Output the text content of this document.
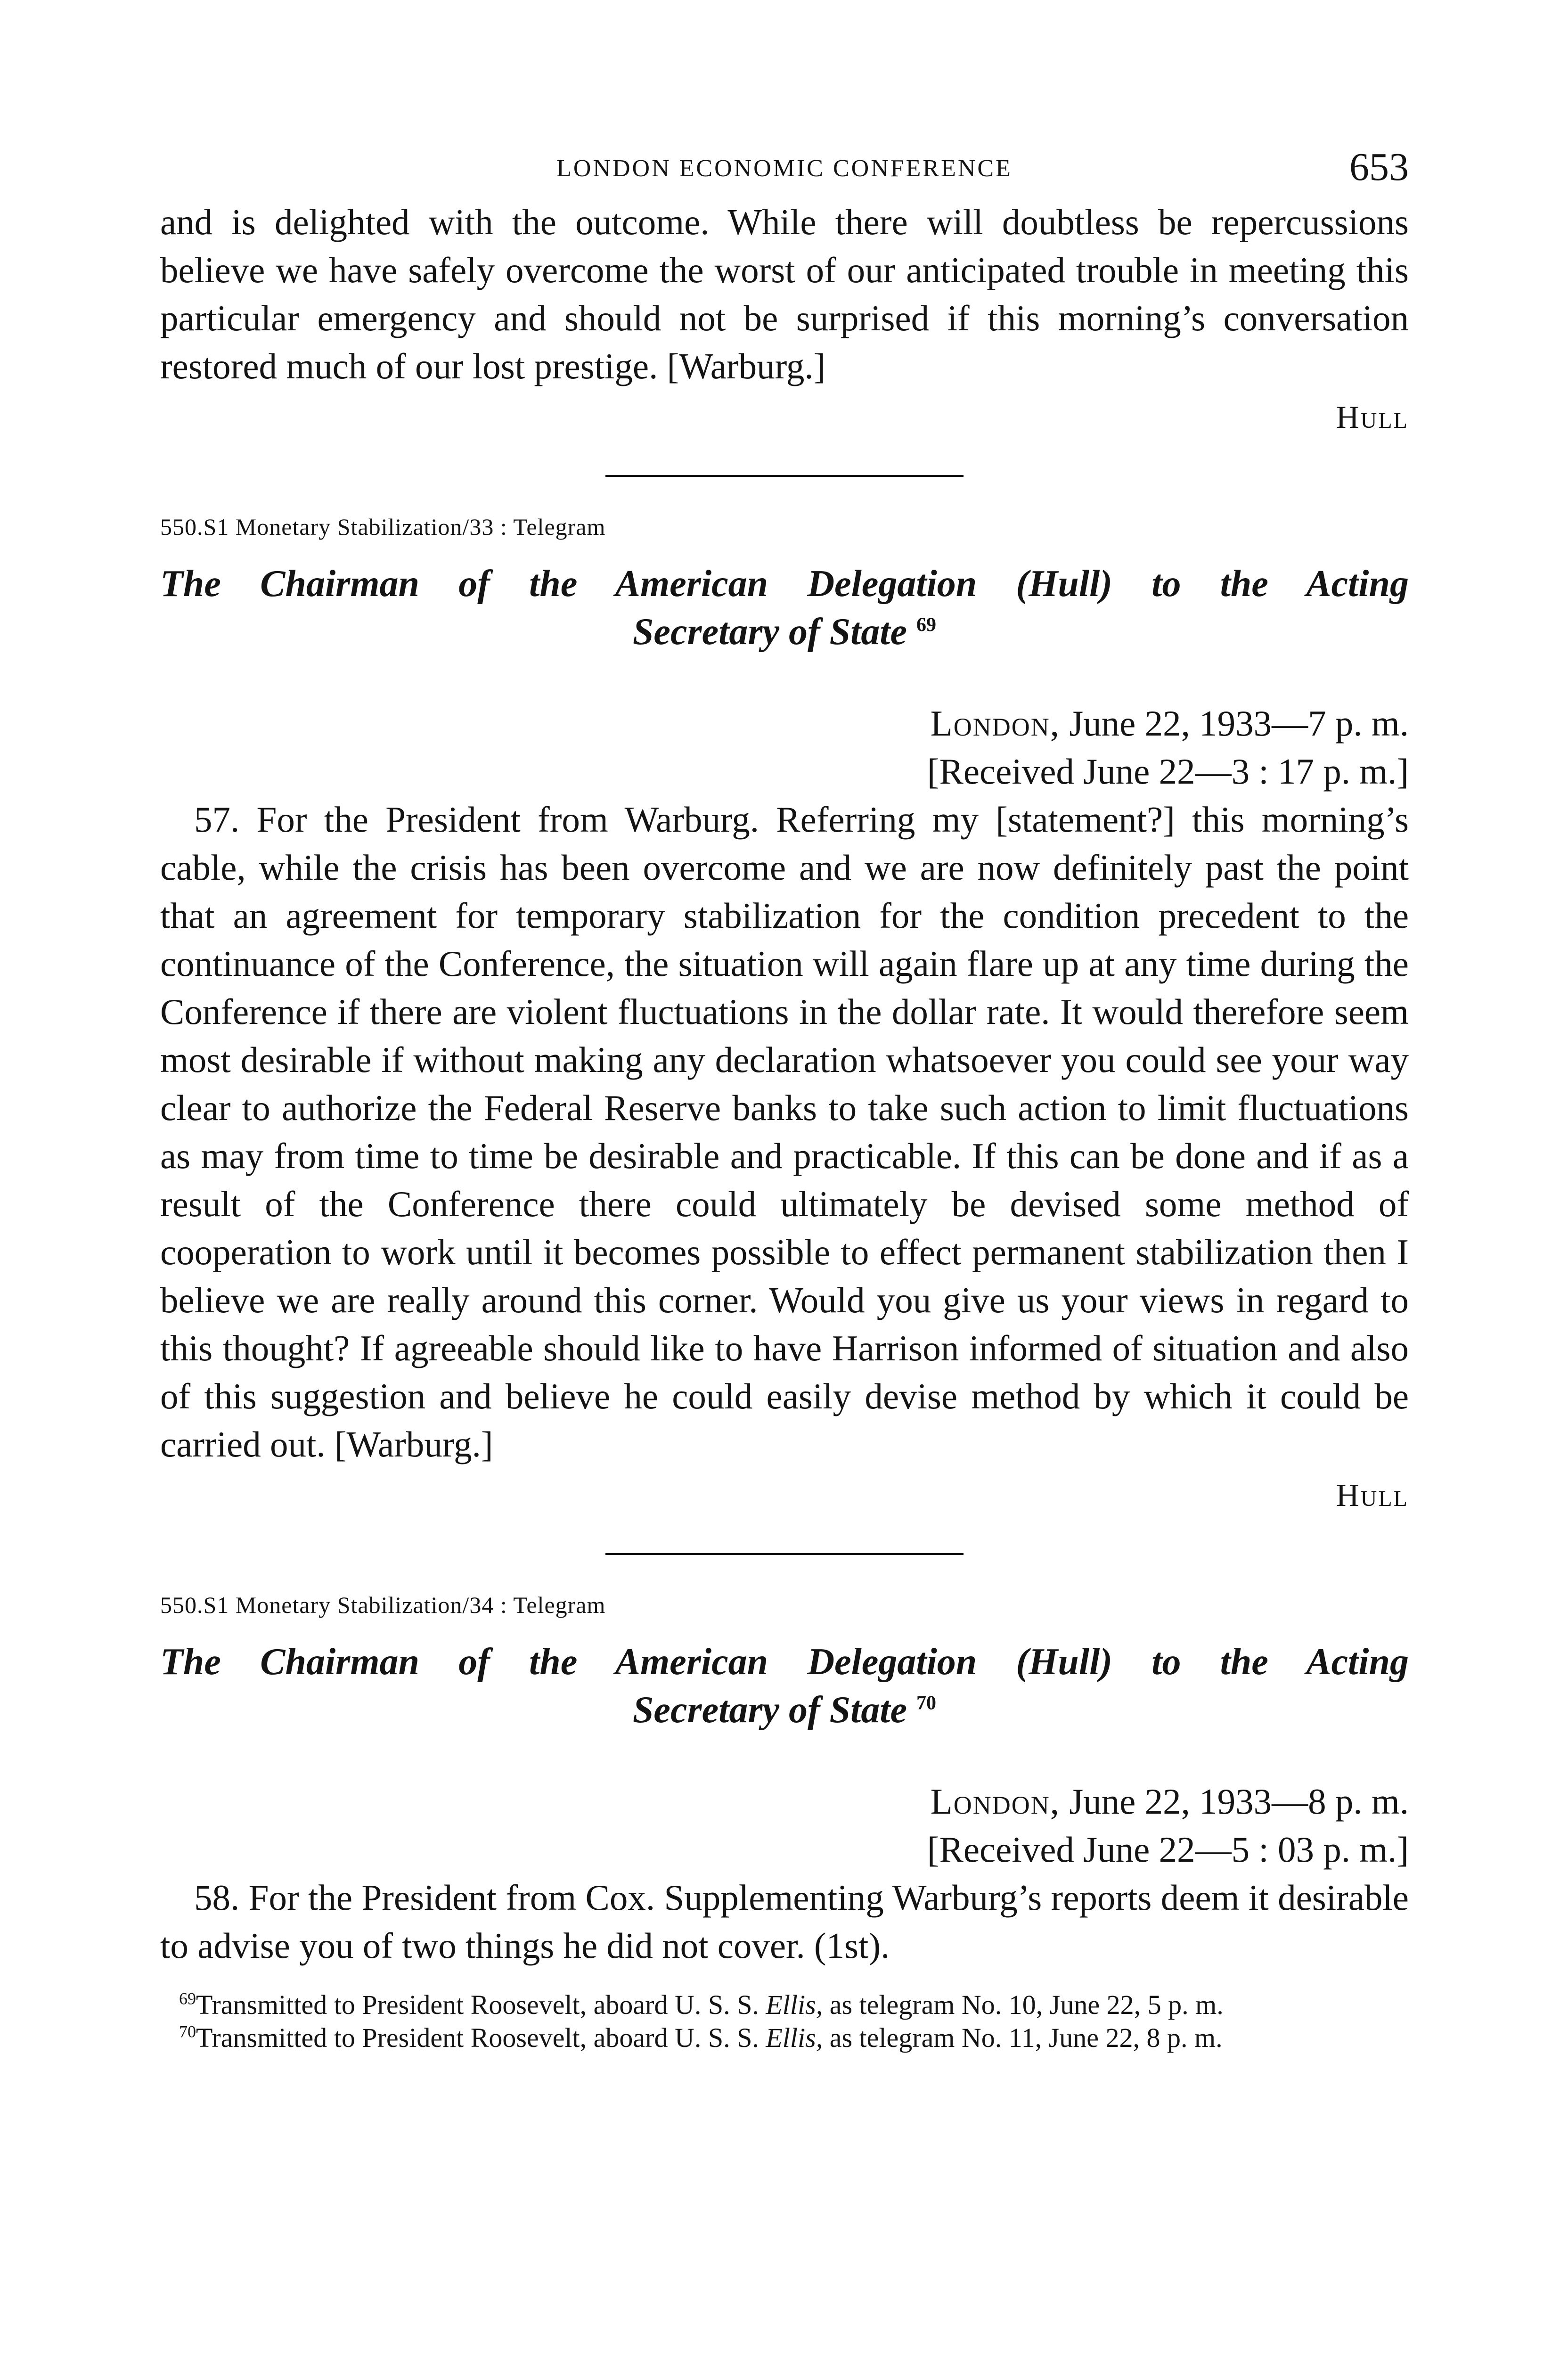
LONDON ECONOMIC CONFERENCE	653

and is delighted with the outcome. While there will doubtless be repercussions believe we have safely overcome the worst of our anticipated trouble in meeting this particular emergency and should not be surprised if this morning’s conversation restored much of our lost prestige. [Warburg.]

Hull
550.S1 Monetary Stabilization/33 : Telegram
The Chairman of the American Delegation (Hull) to the Acting
Secretary of State $^{69}$
London, June 22, 1933—7 p. m.
[Received June 22—3 : 17 p. m.]

57. For the President from Warburg. Referring my [statement?] this morning’s cable, while the crisis has been overcome and we are now definitely past the point that an agreement for temporary stabilization for the condition precedent to the continuance of the Conference, the situation will again flare up at any time during the Conference if there are violent fluctuations in the dollar rate. It would therefore seem most desirable if without making any declaration whatsoever you could see your way clear to authorize the Federal Reserve banks to take such action to limit fluctuations as may from time to time be desirable and practicable. If this can be done and if as a result of the Conference there could ultimately be devised some method of cooperation to work until it becomes possible to effect permanent stabilization then I believe we are really around this corner. Would you give us your views in regard to this thought? If agreeable should like to have Harrison informed of situation and also of this suggestion and believe he could easily devise method by which it could be carried out. [Warburg.]

Hull
550.S1 Monetary Stabilization/34 : Telegram
The Chairman of the American Delegation (Hull) to the Acting
Secretary of State $^{70}$
London, June 22, 1933—8 p. m.
[Received June 22—5 : 03 p. m.]

58. For the President from Cox. Supplementing Warburg’s reports deem it desirable to advise you of two things he did not cover. (1st).

$^{69}$Transmitted to President Roosevelt, aboard U. S. S. Ellis, as telegram No. 10, June 22, 5 p. m.

$^{70}$Transmitted to President Roosevelt, aboard U. S. S. Ellis, as telegram No. 11, June 22, 8 p. m.
